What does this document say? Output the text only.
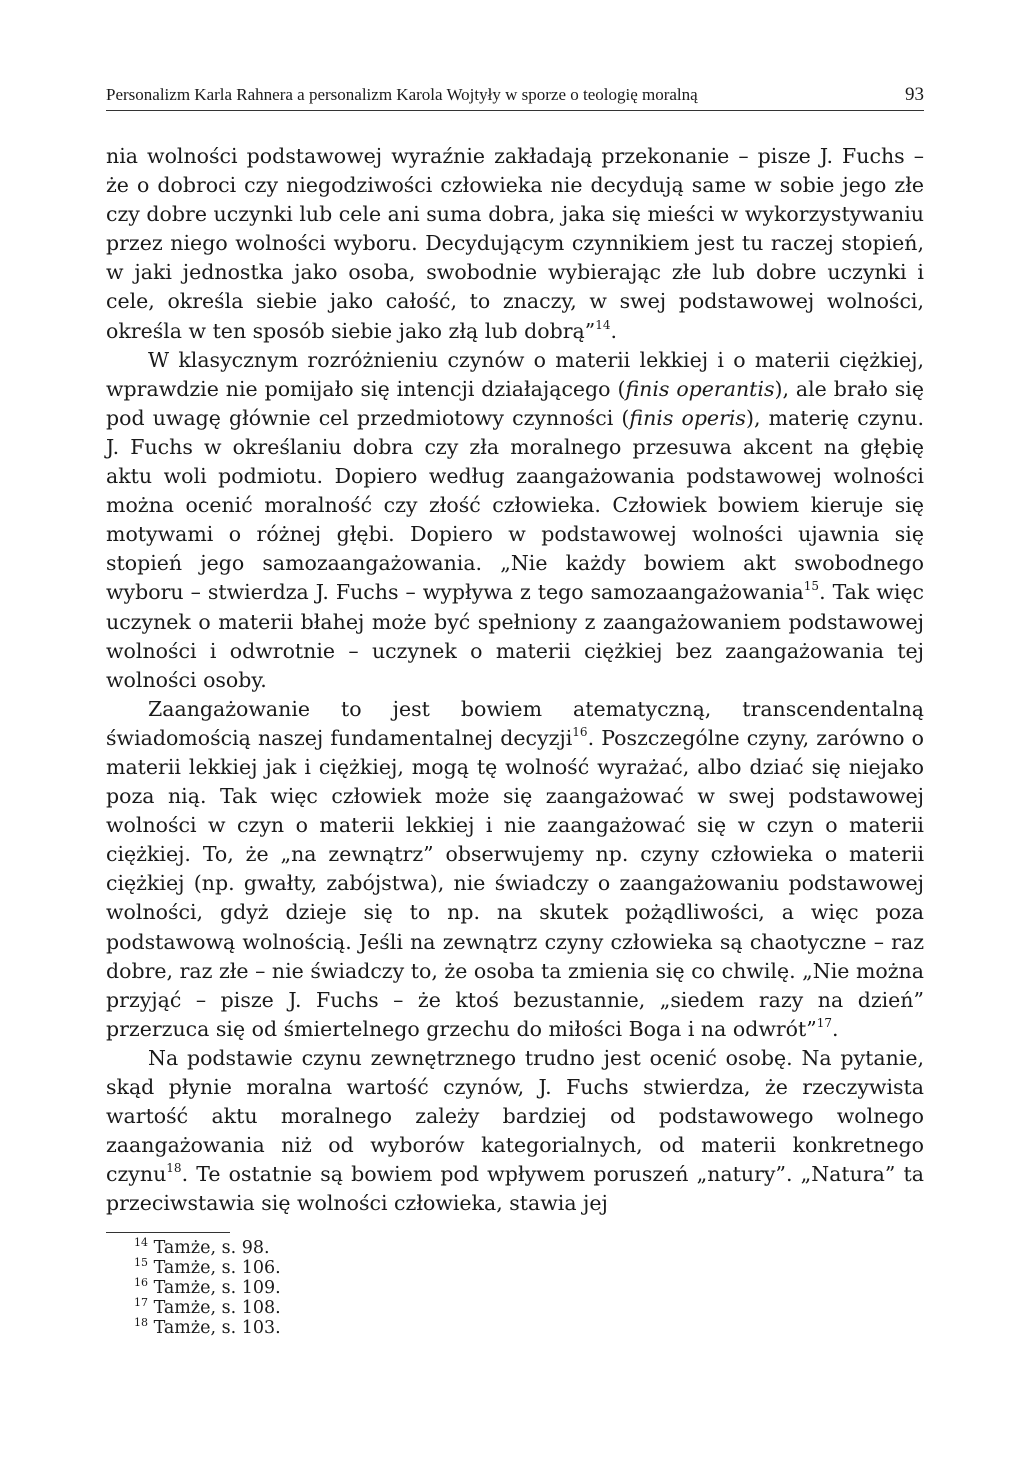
Personalizm Karla Rahnera a personalizm Karola Wojtyły w sporze o teologię moralną	93

nia wolności podstawowej wyraźnie zakładają przekonanie – pisze J. Fuchs – że o dobroci czy niegodziwości człowieka nie decydują same w sobie jego złe czy dobre uczynki lub cele ani suma dobra, jaka się mieści w wykorzystywaniu przez niego wolności wyboru. Decydującym czynnikiem jest tu raczej stopień, w jaki jednostka jako osoba, swobodnie wybierając złe lub dobre uczynki i cele, określa siebie jako całość, to znaczy, w swej podstawowej wolności, określa w ten sposób siebie jako złą lub dobrą”$^{14}$.

W klasycznym rozróżnieniu czynów o materii lekkiej i o materii ciężkiej, wprawdzie nie pomijało się intencji działającego (finis operantis), ale brało się pod uwagę głównie cel przedmiotowy czynności (finis operis), materię czynu. J. Fuchs w określaniu dobra czy zła moralnego przesuwa akcent na głębię aktu woli podmiotu. Dopiero według zaangażowania podstawowej wolności można ocenić moralność czy złość człowieka. Człowiek bowiem kieruje się motywami o różnej głębi. Dopiero w podstawowej wolności ujawnia się stopień jego samozaangażowania. „Nie każdy bowiem akt swobodnego wyboru – stwierdza J. Fuchs – wypływa z tego samozaangażowania$^{15}$. Tak więc uczynek o materii błahej może być spełniony z zaangażowaniem podstawowej wolności i odwrotnie – uczynek o materii ciężkiej bez zaangażowania tej wolności osoby.

Zaangażowanie to jest bowiem atematyczną, transcendentalną świadomością naszej fundamentalnej decyzji$^{16}$. Poszczególne czyny, zarówno o materii lekkiej jak i ciężkiej, mogą tę wolność wyrażać, albo dziać się niejako poza nią. Tak więc człowiek może się zaangażować w swej podstawowej wolności w czyn o materii lekkiej i nie zaangażować się w czyn o materii ciężkiej. To, że „na zewnątrz” obserwujemy np. czyny człowieka o materii ciężkiej (np. gwałty, zabójstwa), nie świadczy o zaangażowaniu podstawowej wolności, gdyż dzieje się to np. na skutek pożądliwości, a więc poza podstawową wolnością. Jeśli na zewnątrz czyny człowieka są chaotyczne – raz dobre, raz złe – nie świadczy to, że osoba ta zmienia się co chwilę. „Nie można przyjąć – pisze J. Fuchs – że ktoś bezustannie, „siedem razy na dzień” przerzuca się od śmiertelnego grzechu do miłości Boga i na odwrót”$^{17}$.

Na podstawie czynu zewnętrznego trudno jest ocenić osobę. Na pytanie, skąd płynie moralna wartość czynów, J. Fuchs stwierdza, że rzeczywista wartość aktu moralnego zależy bardziej od podstawowego wolnego zaangażowania niż od wyborów kategorialnych, od materii konkretnego czynu$^{18}$. Te ostatnie są bowiem pod wpływem poruszeń „natury”. „Natura” ta przeciwstawia się wolności człowieka, stawia jej

$^{14}$ Tamże, s. 98.
$^{15}$ Tamże, s. 106.
$^{16}$ Tamże, s. 109.
$^{17}$ Tamże, s. 108.
$^{18}$ Tamże, s. 103.
